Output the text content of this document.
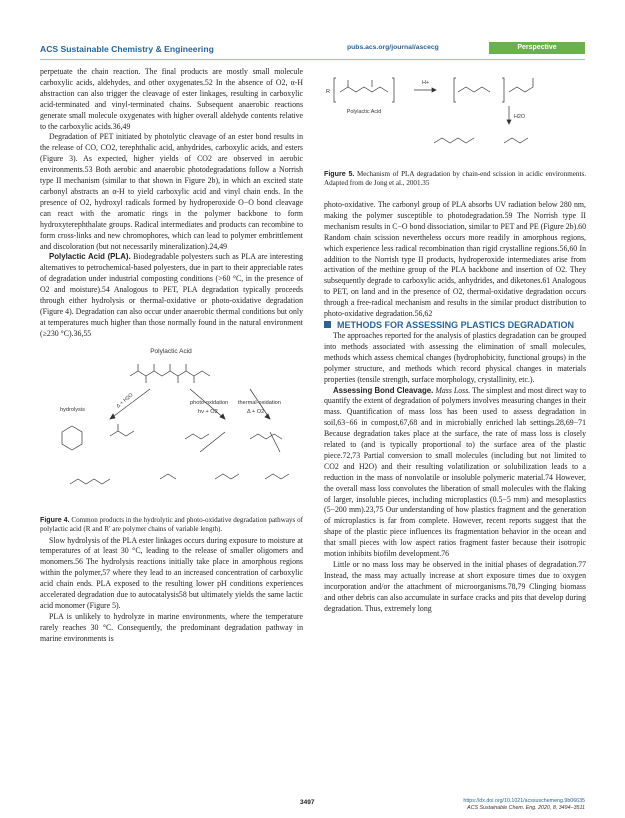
ACS Sustainable Chemistry & Engineering	pubs.acs.org/journal/ascecg	Perspective

perpetuate the chain reaction. The final products are mostly small molecule carboxylic acids, aldehydes, and other oxygenates.52 In the absence of O2, α-H abstraction can also trigger the cleavage of ester linkages, resulting in carboxylic acid-terminated and vinyl-terminated chains. Subsequent anaerobic reactions generate small molecule oxygenates with higher overall aldehyde contents relative to the carboxylic acids.36,49

Degradation of PET initiated by photolytic cleavage of an ester bond results in the release of CO, CO2, terephthalic acid, anhydrides, carboxylic acids, and esters (Figure 3). As expected, higher yields of CO2 are observed in aerobic environments.53 Both aerobic and anaerobic photodegradations follow a Norrish type II mechanism (similar to that shown in Figure 2b), in which an excited state carbonyl abstracts an α-H to yield carboxylic acid and vinyl chain ends. In the presence of O2, hydroxyl radicals formed by hydroperoxide O−O bond cleavage can react with the aromatic rings in the polymer backbone to form hydroxyterephthalate groups. Radical intermediates and products can recombine to form cross-links and new chromophores, which can lead to polymer embrittlement and discoloration (but not necessarily mineralization).24,49

Polylactic Acid (PLA). Biodegradable polyesters such as PLA are interesting alternatives to petrochemical-based polyesters, due in part to their appreciable rates of degradation under industrial composting conditions (>60 °C, in the presence of O2 and moisture).54 Analogous to PET, PLA degradation typically proceeds through either hydrolysis or thermal-oxidative or photo-oxidative degradation (Figure 4). Degradation can also occur under anaerobic thermal conditions but only at temperatures much higher than those normally found in the natural environment (≥230 °C).36,55

Polylactic Acid
hydrolysis
Δ + H2O	photo-oxidation
hν + O2
thermal-oxidation
Δ + O2

Figure 4. Common products in the hydrolytic and photo-oxidative degradation pathways of polylactic acid (R and R′ are polymer chains of variable length).

Slow hydrolysis of the PLA ester linkages occurs during exposure to moisture at temperatures of at least 30 °C, leading to the release of smaller oligomers and monomers.56 The hydrolysis reactions initially take place in amorphous regions within the polymer,57 where they lead to an increased concentration of carboxylic acid chain ends. PLA exposed to the resulting lower pH conditions experiences accelerated degradation due to autocatalysis58 but ultimately yields the same lactic acid monomer (Figure 5).

PLA is unlikely to hydrolyze in marine environments, where the temperature rarely reaches 30 °C. Consequently, the predominant degradation pathway in marine environments is

R
Polylactic Acid
H+
H2O

Figure 5. Mechanism of PLA degradation by chain-end scission in acidic environments. Adapted from de Jong et al., 2001.35

photo-oxidative. The carbonyl group of PLA absorbs UV radiation below 280 nm, making the polymer susceptible to photodegradation.59 The Norrish type II mechanism results in C−O bond dissociation, similar to PET and PE (Figure 2b).60 Random chain scission nevertheless occurs more readily in amorphous regions, which experience less radical recombination than rigid crystalline regions.56,60 In addition to the Norrish type II products, hydroperoxide intermediates arise from activation of the methine group of the PLA backbone and insertion of O2. They subsequently degrade to carboxylic acids, anhydrides, and diketones.61 Analogous to PET, on land and in the presence of O2, thermal-oxidative degradation occurs through a free-radical mechanism and results in the similar product distribution to photo-oxidative degradation.56,62

METHODS FOR ASSESSING PLASTICS DEGRADATION

The approaches reported for the analysis of plastics degradation can be grouped into methods associated with assessing the elimination of small molecules, methods which assess chemical changes (hydrophobicity, functional groups) in the polymer structure, and methods which record physical changes in materials properties (tensile strength, surface morphology, crystallinity, etc.).

Assessing Bond Cleavage. Mass Loss. The simplest and most direct way to quantify the extent of degradation of polymers involves measuring changes in their mass. Quantification of mass loss has been used to assess degradation in soil,63−66 in compost,67,68 and in microbially enriched lab settings.28,69−71 Because degradation takes place at the surface, the rate of mass loss is closely related to (and is typically proportional to) the surface area of the plastic piece.72,73 Partial conversion to small molecules (including but not limited to CO2 and H2O) and their resulting volatilization or solubilization leads to a reduction in the mass of nonvolatile or insoluble polymeric material.74 However, the overall mass loss convolutes the liberation of small molecules with the flaking of larger, insoluble pieces, including microplastics (0.5−5 mm) and mesoplastics (5−200 mm).23,75 Our understanding of how plastics fragment and the generation of microplastics is far from complete. However, recent reports suggest that the shape of the plastic piece influences its fragmentation behavior in the ocean and that small pieces with low aspect ratios fragment faster because their isotropic motion inhibits biofilm development.76

Little or no mass loss may be observed in the initial phases of degradation.77 Instead, the mass may actually increase at short exposure times due to oxygen incorporation and/or the attachment of microorganisms.78,79 Clinging biomass and other debris can also accumulate in surface cracks and pits that develop during degradation. Thus, extremely long

3497	https://dx.doi.org/10.1021/acssuschemeng.9b06635
ACS Sustainable Chem. Eng. 2020, 8, 3494−3511
